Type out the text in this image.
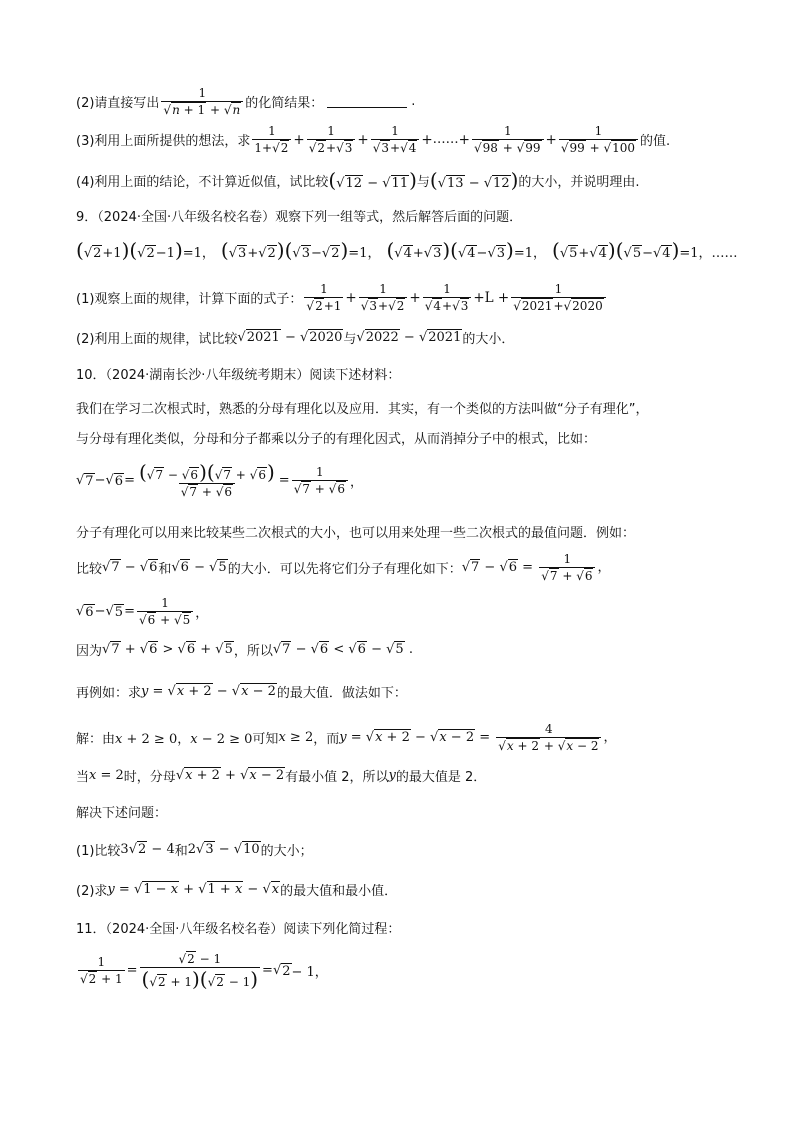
(2)请直接写出 1
√ n + 1 + √ n 的化简结果：	.
(3)利用上面所提供的想法，求 $\frac{1}{1+ √ 2} + 1$
√ 2+ √ 3 + 1
√ 3+ √ 4 + …… + 1
√ 98 + √ 99 + 1
√ 99 + √ 100 的值.
(4)利用上面的结论，不计算近似值，试比较 ( √ 12 − √ 11) 与 ( √ 13 − √ 12) 的大小，并说明理由.
9．（2024·全国·八年级名校名卷）观察下列一组等式，然后解答后面的问题．
( √ 2+1)( √ 2−1)=1， ( √ 3+ √ 2)( √ 3− √ 2)=1， ( √ 4+ √ 3)( √ 4− √ 3)=1， ( √ 5+ √ 4)( √ 5− √ 4)=1，……
(1)观察上面的规律，计算下面的式子： 1
√ 2+1 + 1
√ 3+ √ 2 + 1
√ 4+ √ 3 +L + 1
√ 2021+ √ 2020
(2)利用上面的规律，试比较 √ 2021 − √ 2020 与 √ 2022 − √ 2021 的大小．
10．（2024·湖南长沙·八年级统考期末）阅读下述材料：
我们在学习二次根式时，熟悉的分母有理化以及应用．其实，有一个类似的方法叫做“分子有理化”，
与分母有理化类似，分母和分子都乘以分子的有理化因式，从而消掉分子中的根式，比如：
√
7 − √ 6 = ( √ 7 − √ 6)( √ 7 + √ 6)
√ 7 + √ 6 = 1
√ 7 + √ 6 ，
分子有理化可以用来比较某些二次根式的大小，也可以用来处理一些二次根式的最值问题．例如：
比较 √ 7 − √ 6 和 √ 6 − √ 5 的大小．可以先将它们分子有理化如下： √ 7 − √ 6 = 1
√ 7 + √ 6 ，
√
6 − √ 5 = 1
√ 6 + √ 5 ，
因为 √ 7 + √ 6 > √ 6 + √ 5 ，所以 √ 7 − √ 6 < √ 6 − √ 5 .
再例如：求 y = √ x + 2 − √ x − 2 的最大值．做法如下：
解：由 x + 2 ≥ 0，x − 2 ≥ 0 可知 x ≥ 2 ，而 y = √ x + 2 − √ x − 2 = 4
√ x + 2 + √ x − 2 ，
当 x = 2 时，分母 √ x + 2 + √ x − 2 有最小值 2，所以 y 的最大值是 2．
解决下述问题：
(1)比较 3 √ 2 − 4 和 2 √ 3 − √ 10 的大小；
(2)求 y = √ 1 − x + √ 1 + x − √ x 的最大值和最小值．
11．（2024·全国·八年级名校名卷）阅读下列化简过程：
1
√ 2 + 1 = √ $\frac{2 - 1}{( √ 2 + 1)( √ 2 - 1)}$ = √ 2 − 1，
